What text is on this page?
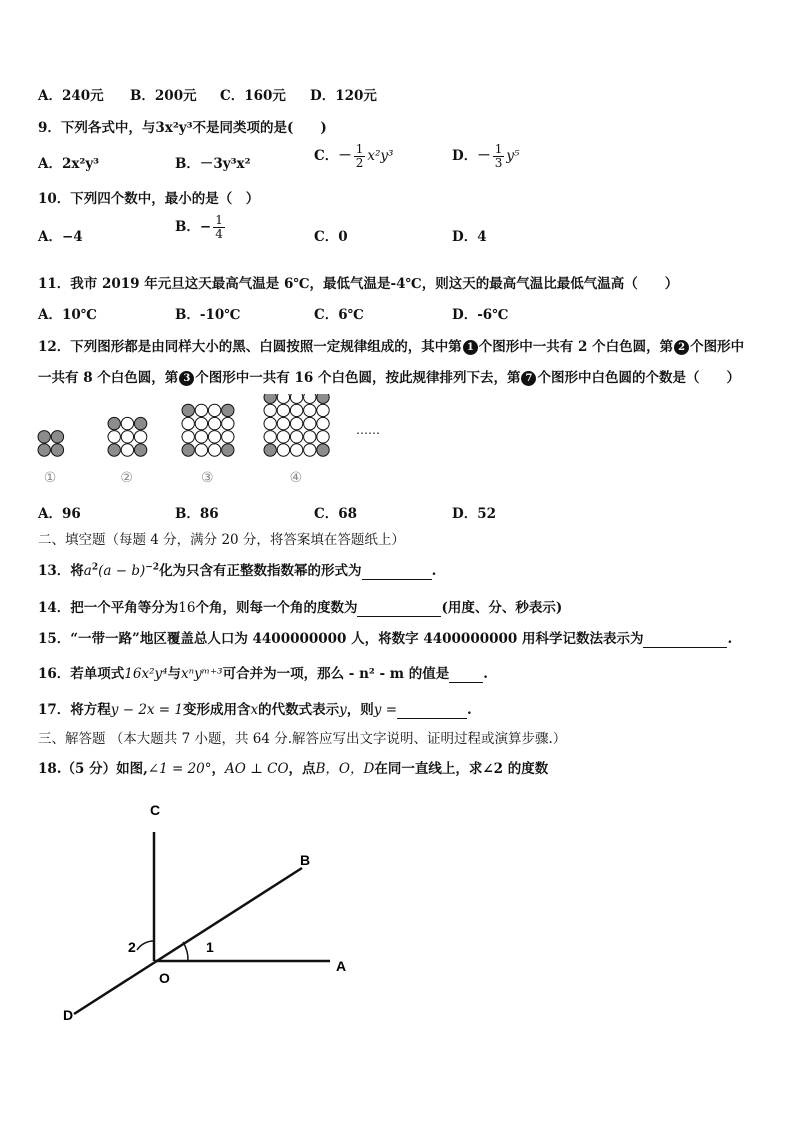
A．240元 B．200元 C．160元 D．120元
9．下列各式中，与3x²y³不是同类项的是(　　)
A．2x²y³	B．－3y³x²	C．－ $\frac{1}{2} x^2y^3$	D．－ $\frac{1}{3} y^5$
10．下列四个数中，最小的是（　）
A．−4
B．− $\frac{1}{4}$	C．0	D．4
11．我市 2019 年元旦这天最高气温是 6℃，最低气温是-4℃，则这天的最高气温比最低气温高（　　）
A．10℃	B．-10℃	C．6℃	D．-6℃
12．下列图形都是由同样大小的黑、白圆按照一定规律组成的，其中第 1 个图形中一共有 2 个白色圆，第 2 个图形中
一共有 8 个白色圆，第 3 个图形中一共有 16 个白色圆，按此规律排列下去，第 7 个图形中白色圆的个数是（　　）
①	②	③	④
……
A．96	B．86	C．68	D．52
二、填空题（每题 4 分，满分 20 分，将答案填在答题纸上）
13．将$a^2(a - b)^{-2}$化为只含有正整数指数幂的形式为	.
14．把一个平角等分为16个角，则每一个角的度数为	(用度、分、秒表示)
15．“一带一路”地区覆盖总人口为 4400000000 人，将数字 4400000000 用科学记数法表示为	.
16．若单项式16x²y⁴与xⁿyᵐ⁺³可合并为一项，那么 - n² - m 的值是	.
17．将方程y − 2x = 1变形成用含x的代数式表示y，则y =	.
三、解答题 （本大题共 7 小题，共 64 分.解答应写出文字说明、证明过程或演算步骤.）
18.（5 分）如图,∠1 = 20°，AO ⊥ CO，点B，O，D在同一直线上，求∠2 的度数
C
B
A
O
D
1
2
